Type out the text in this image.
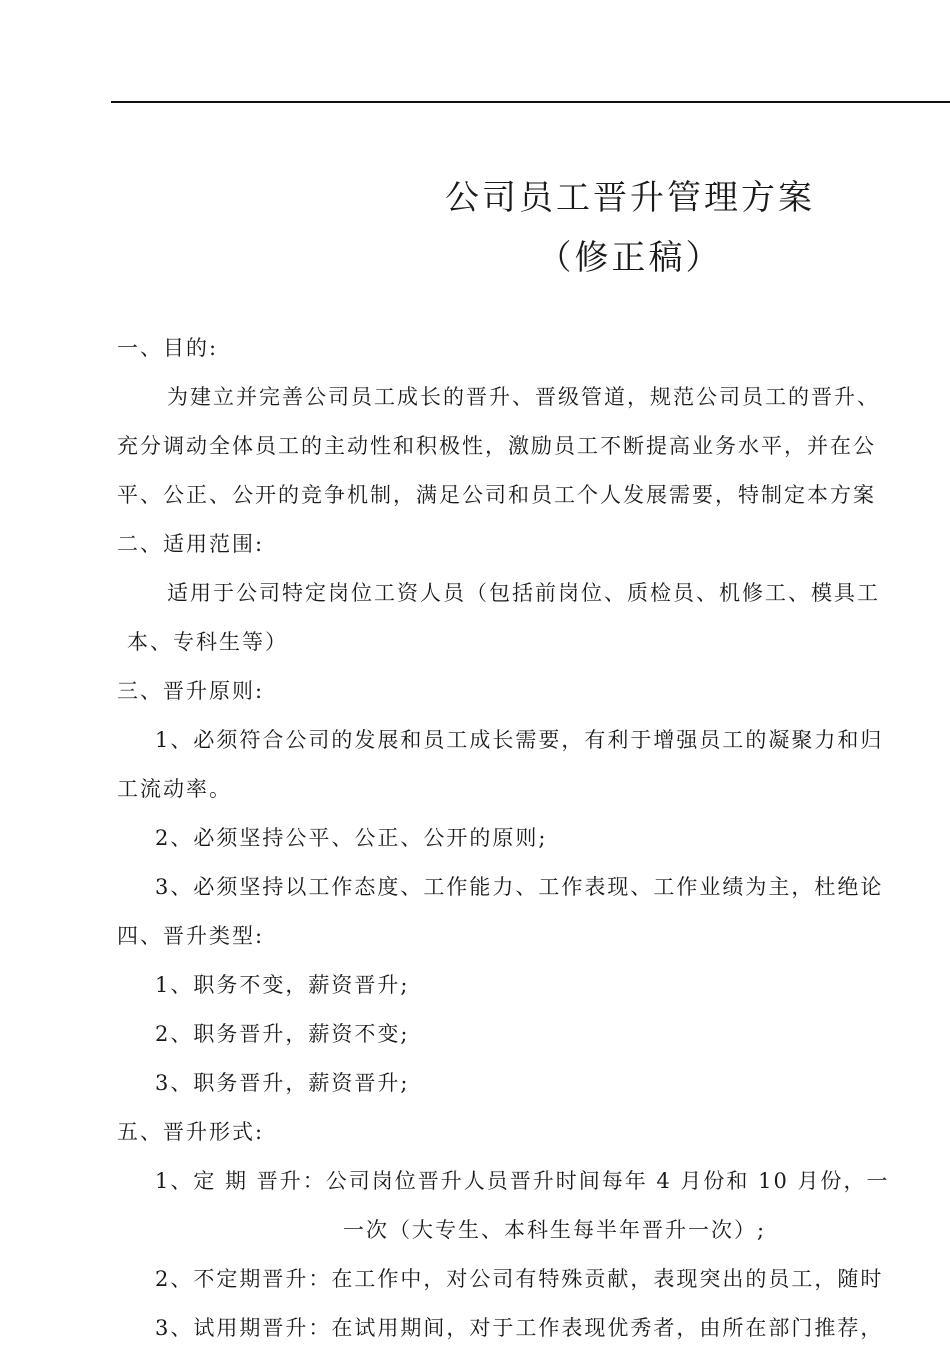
公司员工晋升管理方案
（修正稿）
一、目的:
为建立并完善公司员工成长的晋升、晋级管道，规范公司员工的晋升、
充分调动全体员工的主动性和积极性，激励员工不断提高业务水平，并在公
平、公正、公开的竞争机制，满足公司和员工个人发展需要，特制定本方案
二、适用范围:
适用于公司特定岗位工资人员（包括前岗位、质检员、机修工、模具工
本、专科生等）
三、晋升原则:
1、必须符合公司的发展和员工成长需要，有利于增强员工的凝聚力和归
工流动率。
2、必须坚持公平、公正、公开的原则;
3、必须坚持以工作态度、工作能力、工作表现、工作业绩为主，杜绝论
四、晋升类型:
1、职务不变，薪资晋升;
2、职务晋升，薪资不变;
3、职务晋升，薪资晋升;
五、晋升形式:
1、定 期 晋升：公司岗位晋升人员晋升时间每年 4 月份和 10 月份，一
一次（大专生、本科生每半年晋升一次）;
2、不定期晋升：在工作中，对公司有特殊贡献，表现突出的员工，随时
3、试用期晋升：在试用期间，对于工作表现优秀者，由所在部门推荐，
